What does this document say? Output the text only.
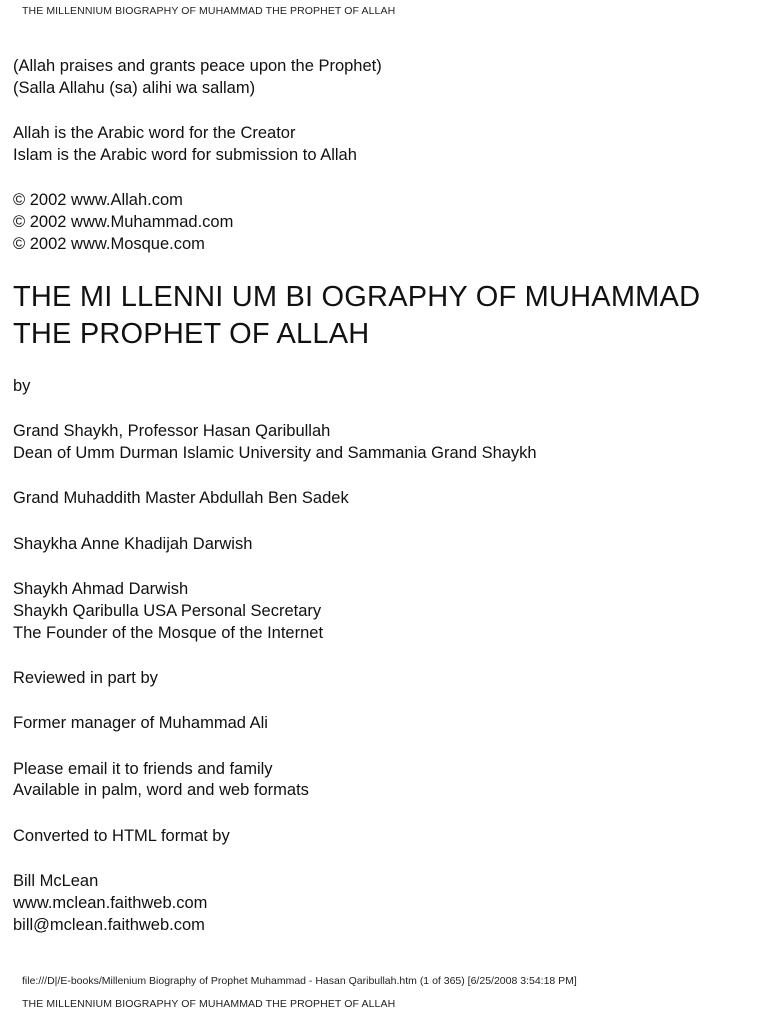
THE MILLENNIUM BIOGRAPHY OF MUHAMMAD THE PROPHET OF ALLAH
(Allah praises and grants peace upon the Prophet)
(Salla Allahu (sa) alihi wa sallam)
Allah is the Arabic word for the Creator
Islam is the Arabic word for submission to Allah
© 2002 www.Allah.com
© 2002 www.Muhammad.com
© 2002 www.Mosque.com
THE MI LLENNI UM BI OGRAPHY OF MUHAMMAD
THE PROPHET OF ALLAH
by
Grand Shaykh, Professor Hasan Qaribullah
Dean of Umm Durman Islamic University and Sammania Grand Shaykh
Grand Muhaddith Master Abdullah Ben Sadek
Shaykha Anne Khadijah Darwish
Shaykh Ahmad Darwish
Shaykh Qaribulla USA Personal Secretary
The Founder of the Mosque of the Internet
Reviewed in part by
Former manager of Muhammad Ali
Please email it to friends and family
Available in palm, word and web formats
Converted to HTML format by
Bill McLean
www.mclean.faithweb.com
bill@mclean.faithweb.com
file:///D|/E-books/Millenium Biography of Prophet Muhammad - Hasan Qaribullah.htm (1 of 365) [6/25/2008 3:54:18 PM]
THE MILLENNIUM BIOGRAPHY OF MUHAMMAD THE PROPHET OF ALLAH
